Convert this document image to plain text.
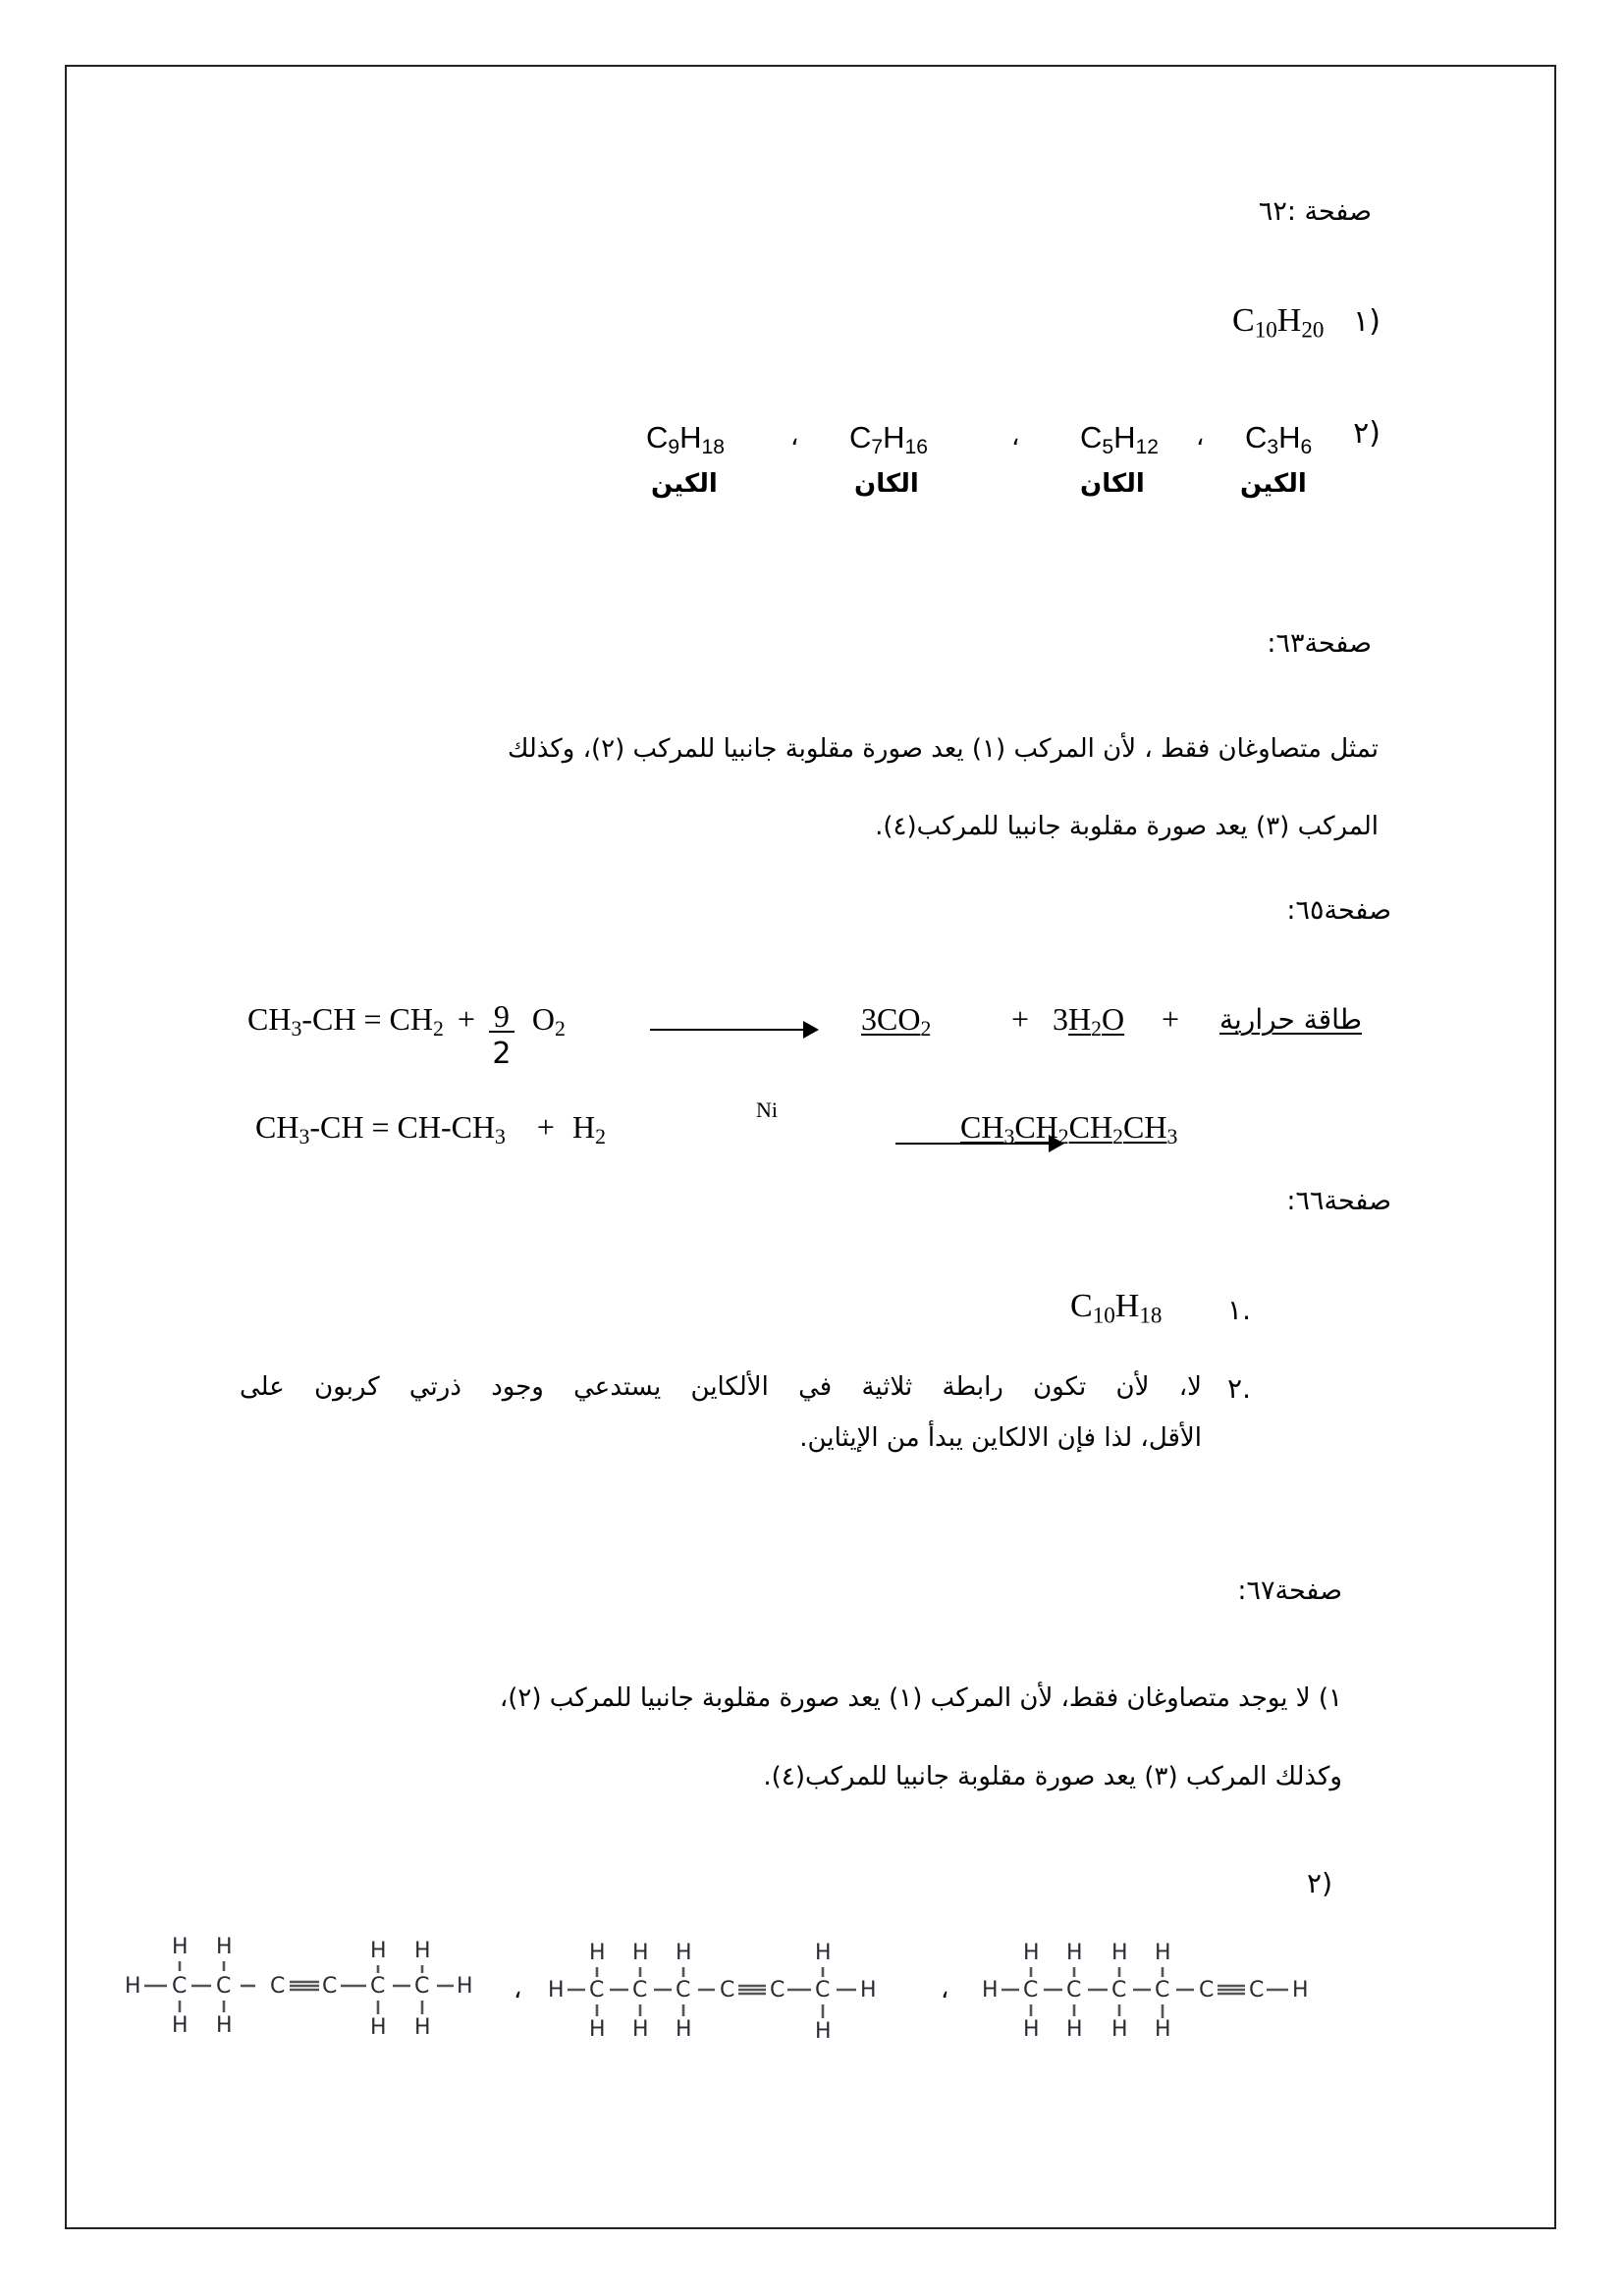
صفحة :٦٢
(١
$C_{10}H_{20}$
(٢
$C_3H_6$
الكين
،
$C_5H_{12}$
الكان
،
$C_7H_{16}$
الكان
،
$C_9H_{18}$
الكين
صفحة٦٣:
تمثل متصاوغان فقط ، لأن المركب (١) يعد صورة مقلوبة جانبيا للمركب (٢)، وكذلك
المركب (٣) يعد صورة مقلوبة جانبيا للمركب(٤).
صفحة٦٥:
$CH_3-CH = CH_2 + \frac{9}{2} O_2$
	$3CO_2$	+ $3H_2O$ + طاقة حرارية
$CH_3-CH = CH-CH_3 + H_2$
Ni	$CH_3CH_2CH_2CH_3$
صفحة٦٦:
.١
$C_{10}H_{18}$
.٢
لا، لأن تكون رابطة ثلاثية في الألكاين يستدعي وجود ذرتي كربون على
الأقل، لذا فإن الالكاين يبدأ من الإيثاين.
صفحة٦٧:
١) لا يوجد متصاوغان فقط، لأن المركب (١) يعد صورة مقلوبة جانبيا للمركب (٢)،
وكذلك المركب (٣) يعد صورة مقلوبة جانبيا للمركب(٤).
(٢
H C
H
H
C
H
H
C C C
H
H
C
H
H
H ، H C
H
H
C
H
H
C
H
H
C C C
H
H
H	، H C
H
H
C
H
H
C
H
H
C
H
H
C C H
